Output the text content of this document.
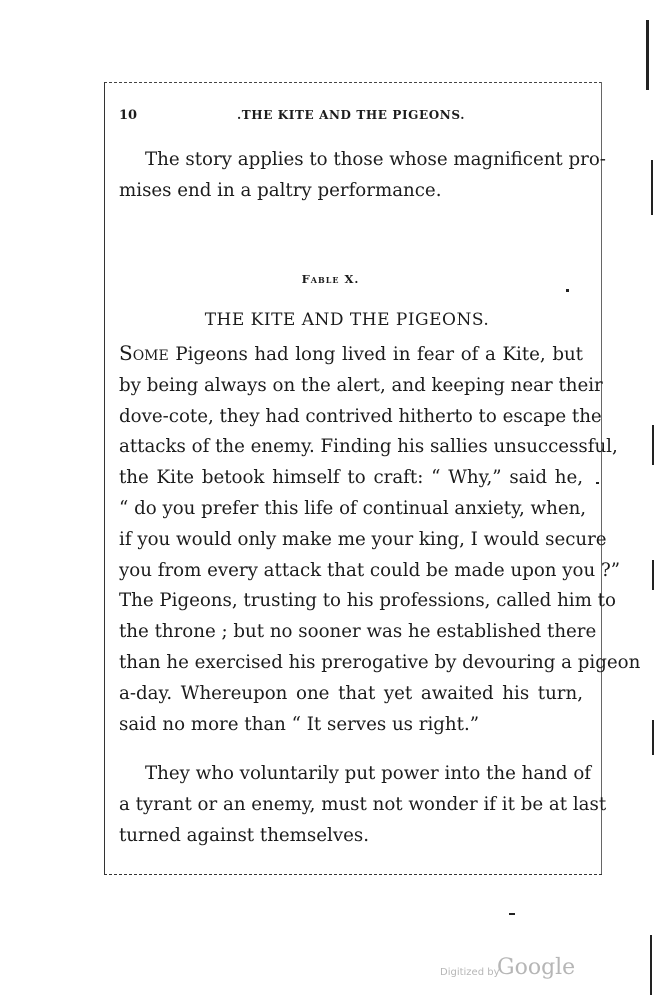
10	.THE KITE AND THE PIGEONS.
The story applies to those whose magnificent pro-
mises end in a paltry performance.
Fable X.
THE KITE AND THE PIGEONS.
Some Pigeons had long lived in fear of a Kite, but
by being always on the alert, and keeping near their
dove-cote, they had contrived hitherto to escape the
attacks of the enemy. Finding his sallies unsuccessful,
the Kite betook himself to craft: “ Why,” said he,
“ do you prefer this life of continual anxiety, when,
if you would only make me your king, I would secure
you from every attack that could be made upon you ?”
The Pigeons, trusting to his professions, called him to
the throne ; but no sooner was he established there
than he exercised his prerogative by devouring a pigeon
a-day. Whereupon one that yet awaited his turn,
said no more than “ It serves us right.”
They who voluntarily put power into the hand of
a tyrant or an enemy, must not wonder if it be at last
turned against themselves.
Digitized by
Google
